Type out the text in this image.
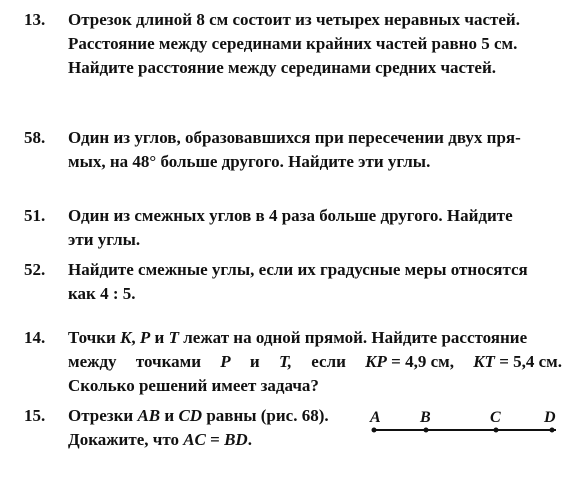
13. Отрезок длиной 8 см состоит из четырех неравных частей.
Расстояние между серединами крайних частей равно 5 см.
Найдите расстояние между серединами средних частей.
58. Один из углов, образовавшихся при пересечении двух пря-
мых, на 48° больше другого. Найдите эти углы.
51. Один из смежных углов в 4 раза больше другого. Найдите
эти углы.
52. Найдите смежные углы, если их градусные меры относятся
как 4 : 5.
14. Точки K, P и T лежат на одной прямой. Найдите расстояние
между точками P и T, если KP = 4,9 см, KT = 5,4 см.
Сколько решений имеет задача?
15. Отрезки AB и CD равны (рис. 68).
Докажите, что AC = BD.
A B	C	D
